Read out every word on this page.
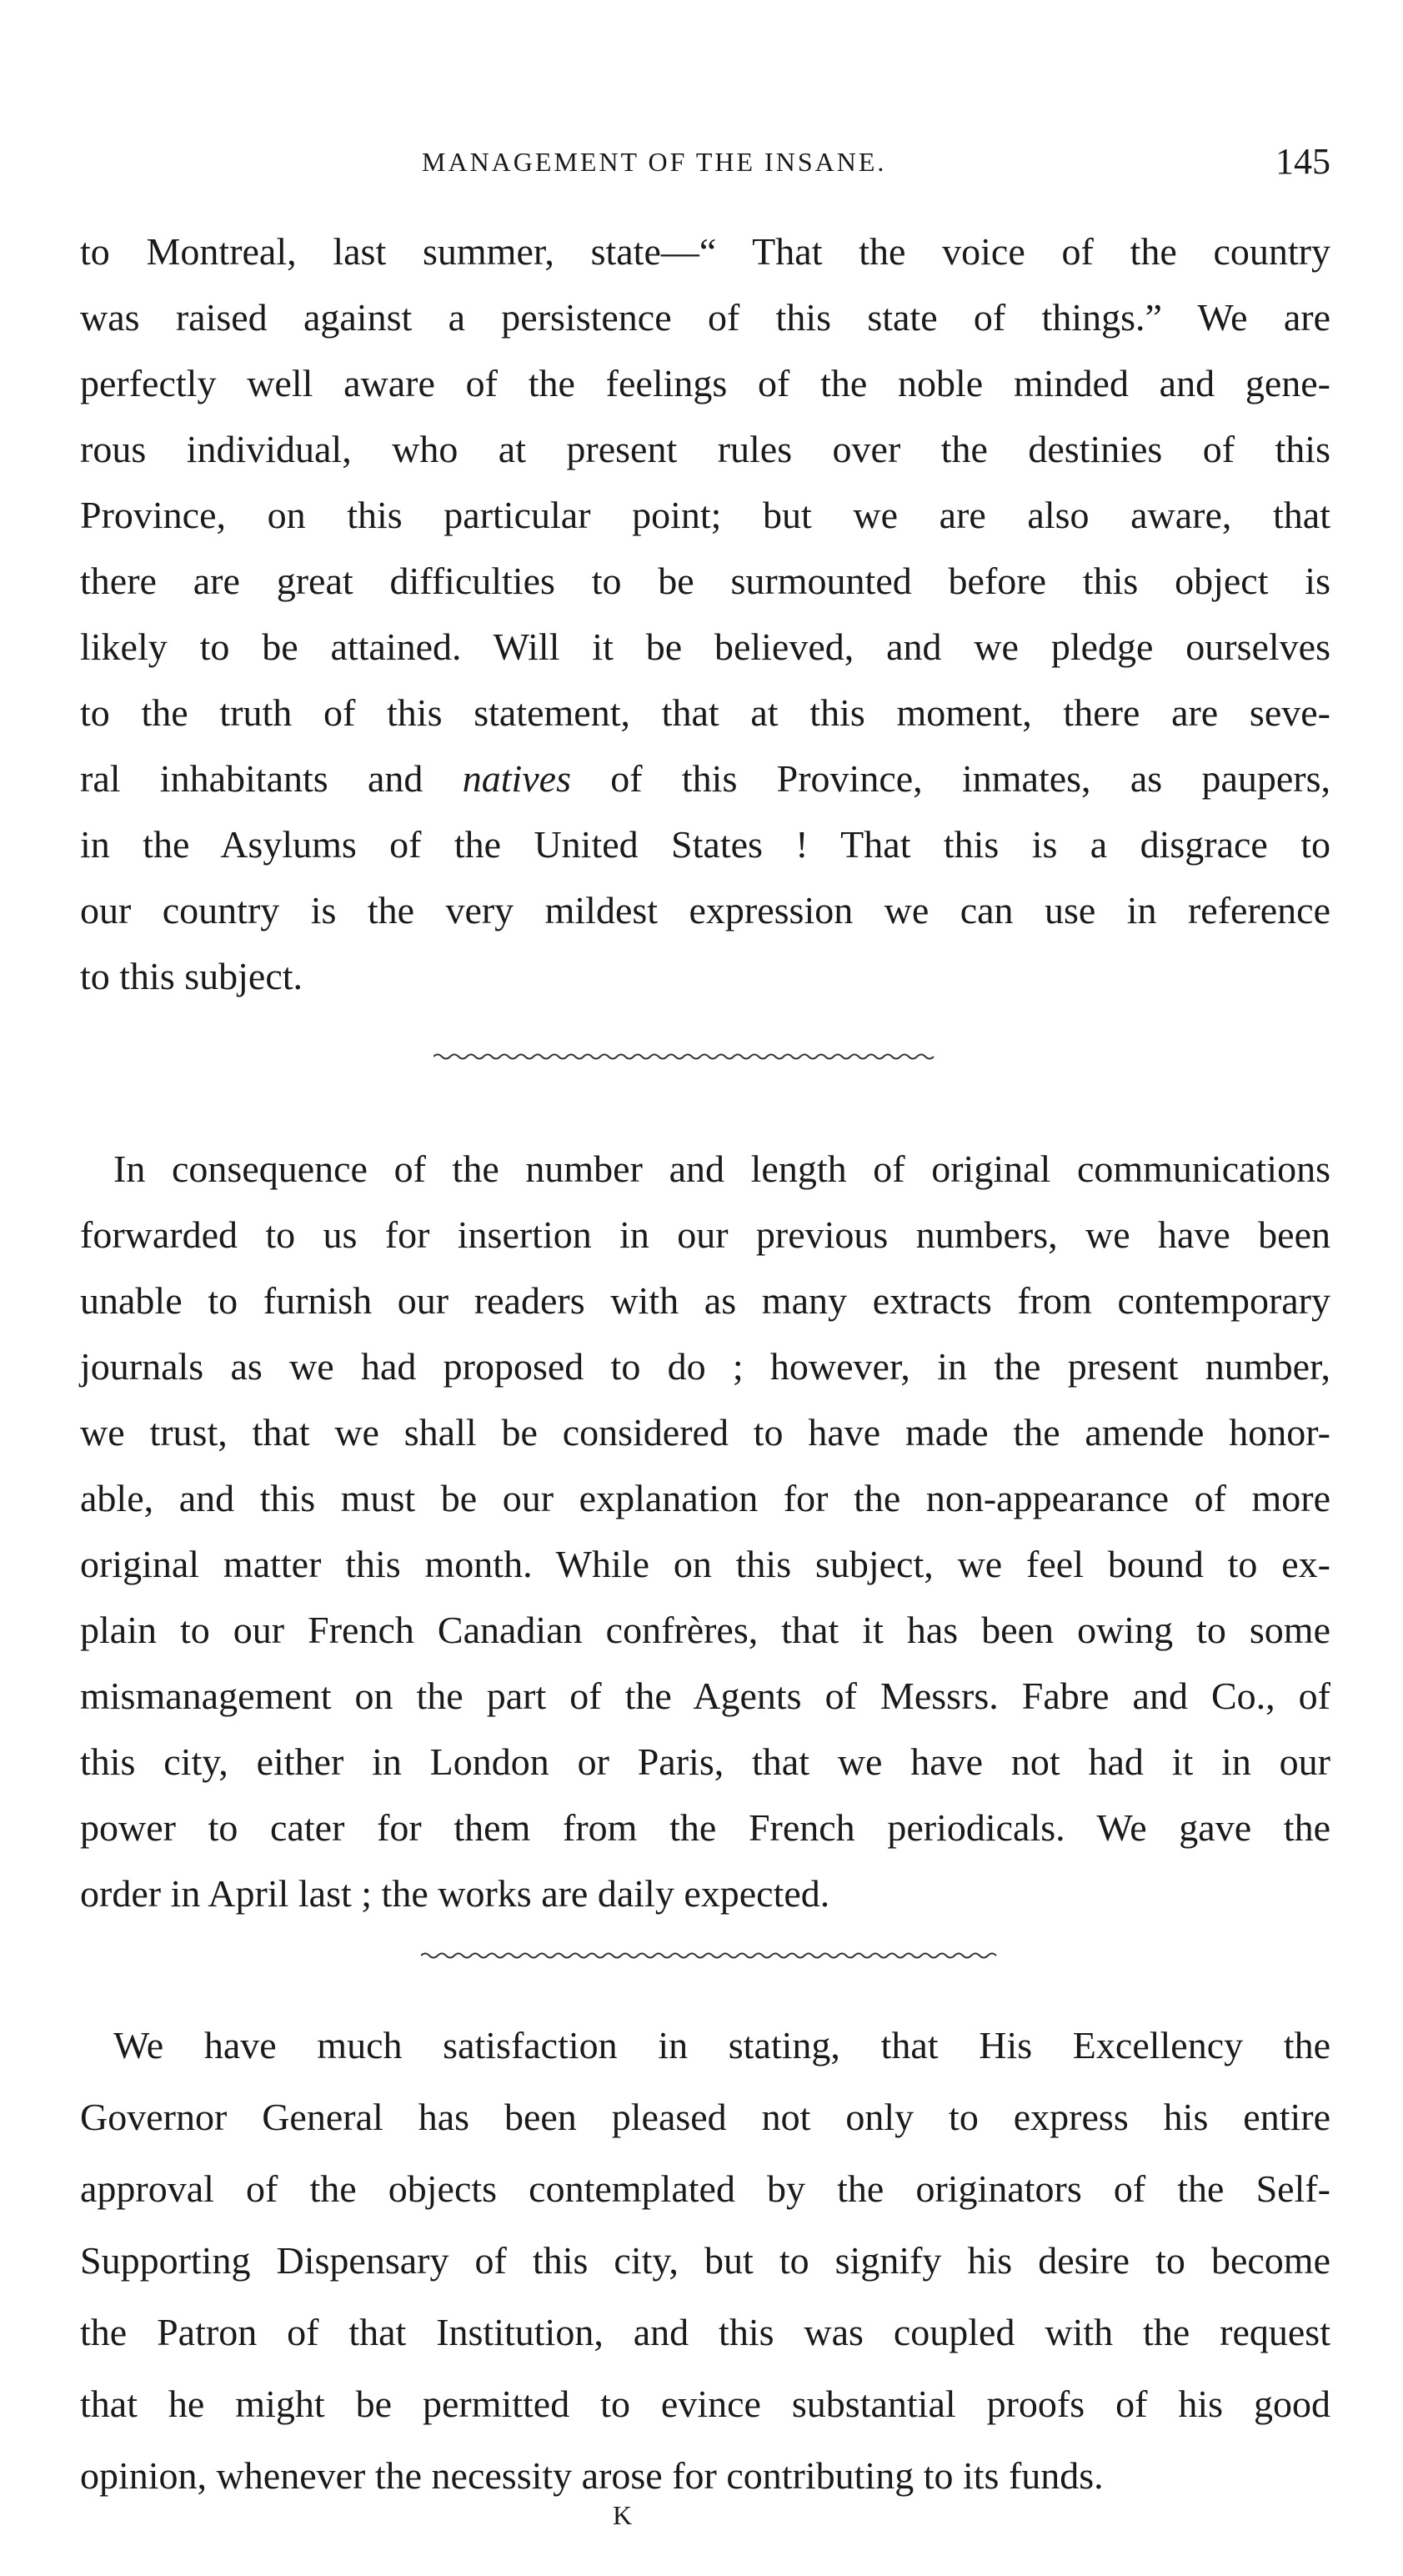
MANAGEMENT OF THE INSANE.	145
to Montreal, last summer, state—“ That the voice of the country
was raised against a persistence of this state of things.” We are
perfectly well aware of the feelings of the noble minded and gene-
rous individual, who at present rules over the destinies of this
Province, on this particular point; but we are also aware, that
there are great difficulties to be surmounted before this object is
likely to be attained. Will it be believed, and we pledge ourselves
to the truth of this statement, that at this moment, there are seve-
ral inhabitants and natives of this Province, inmates, as paupers,
in the Asylums of the United States ! That this is a disgrace to
our country is the very mildest expression we can use in reference
to this subject.
In consequence of the number and length of original communications
forwarded to us for insertion in our previous numbers, we have been
unable to furnish our readers with as many extracts from contemporary
journals as we had proposed to do ; however, in the present number,
we trust, that we shall be considered to have made the amende honor-
able, and this must be our explanation for the non-appearance of more
original matter this month. While on this subject, we feel bound to ex-
plain to our French Canadian confrères, that it has been owing to some
mismanagement on the part of the Agents of Messrs. Fabre and Co., of
this city, either in London or Paris, that we have not had it in our
power to cater for them from the French periodicals. We gave the
order in April last ; the works are daily expected.
We have much satisfaction in stating, that His Excellency the
Governor General has been pleased not only to express his entire
approval of the objects contemplated by the originators of the Self-
Supporting Dispensary of this city, but to signify his desire to become
the Patron of that Institution, and this was coupled with the request
that he might be permitted to evince substantial proofs of his good
opinion, whenever the necessity arose for contributing to its funds.
K
